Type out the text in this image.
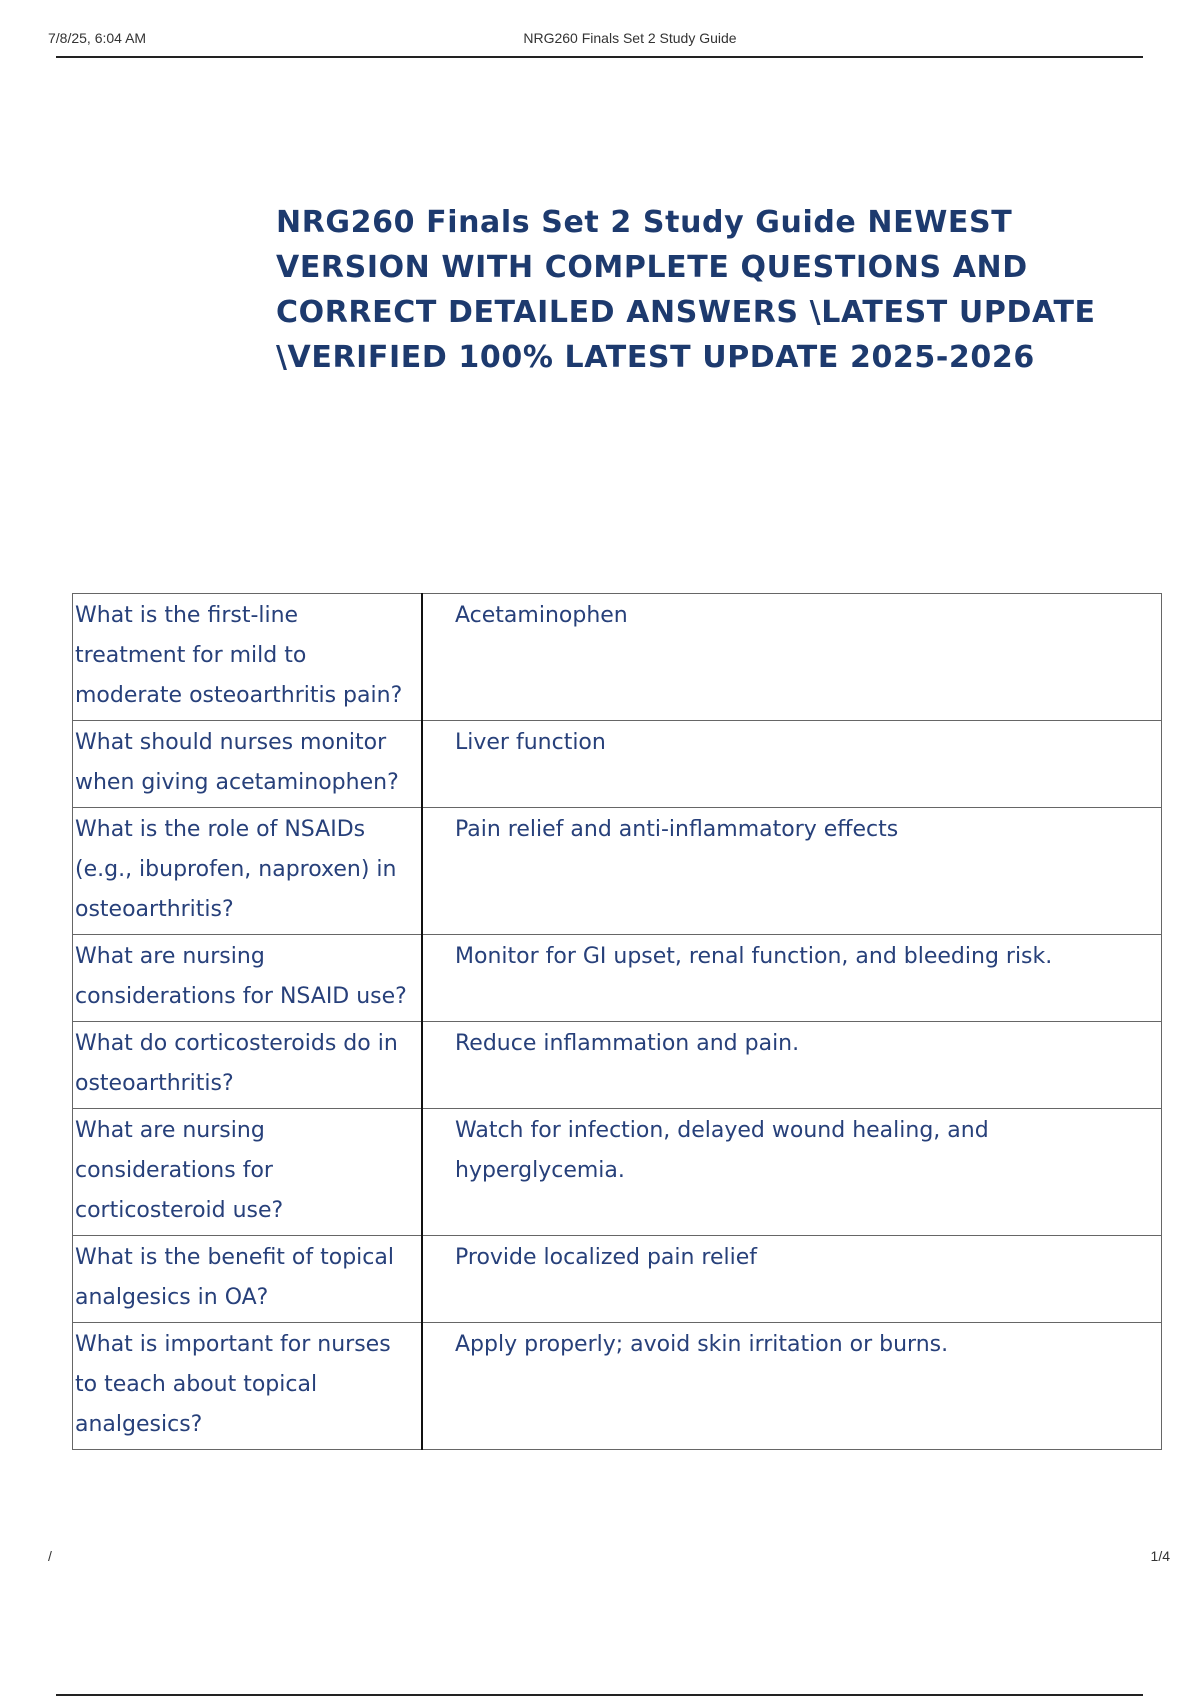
7/8/25, 6:04 AM	NRG260 Finals Set 2 Study Guide
NRG260 Finals Set 2 Study Guide NEWEST VERSION WITH COMPLETE QUESTIONS AND CORRECT DETAILED ANSWERS \LATEST UPDATE \VERIFIED 100% LATEST UPDATE 2025-2026
What is the first-line treatment for mild to moderate osteoarthritis pain?	Acetaminophen
What should nurses monitor when giving acetaminophen?	Liver function
What is the role of NSAIDs (e.g., ibuprofen, naproxen) in osteoarthritis?	Pain relief and anti-inflammatory effects
What are nursing considerations for NSAID use?	Monitor for GI upset, renal function, and bleeding risk.
What do corticosteroids do in osteoarthritis?	Reduce inflammation and pain.
What are nursing considerations for corticosteroid use?	Watch for infection, delayed wound healing, and hyperglycemia.
What is the benefit of topical analgesics in OA?	Provide localized pain relief
What is important for nurses to teach about topical analgesics?	Apply properly; avoid skin irritation or burns.
/	1/4
